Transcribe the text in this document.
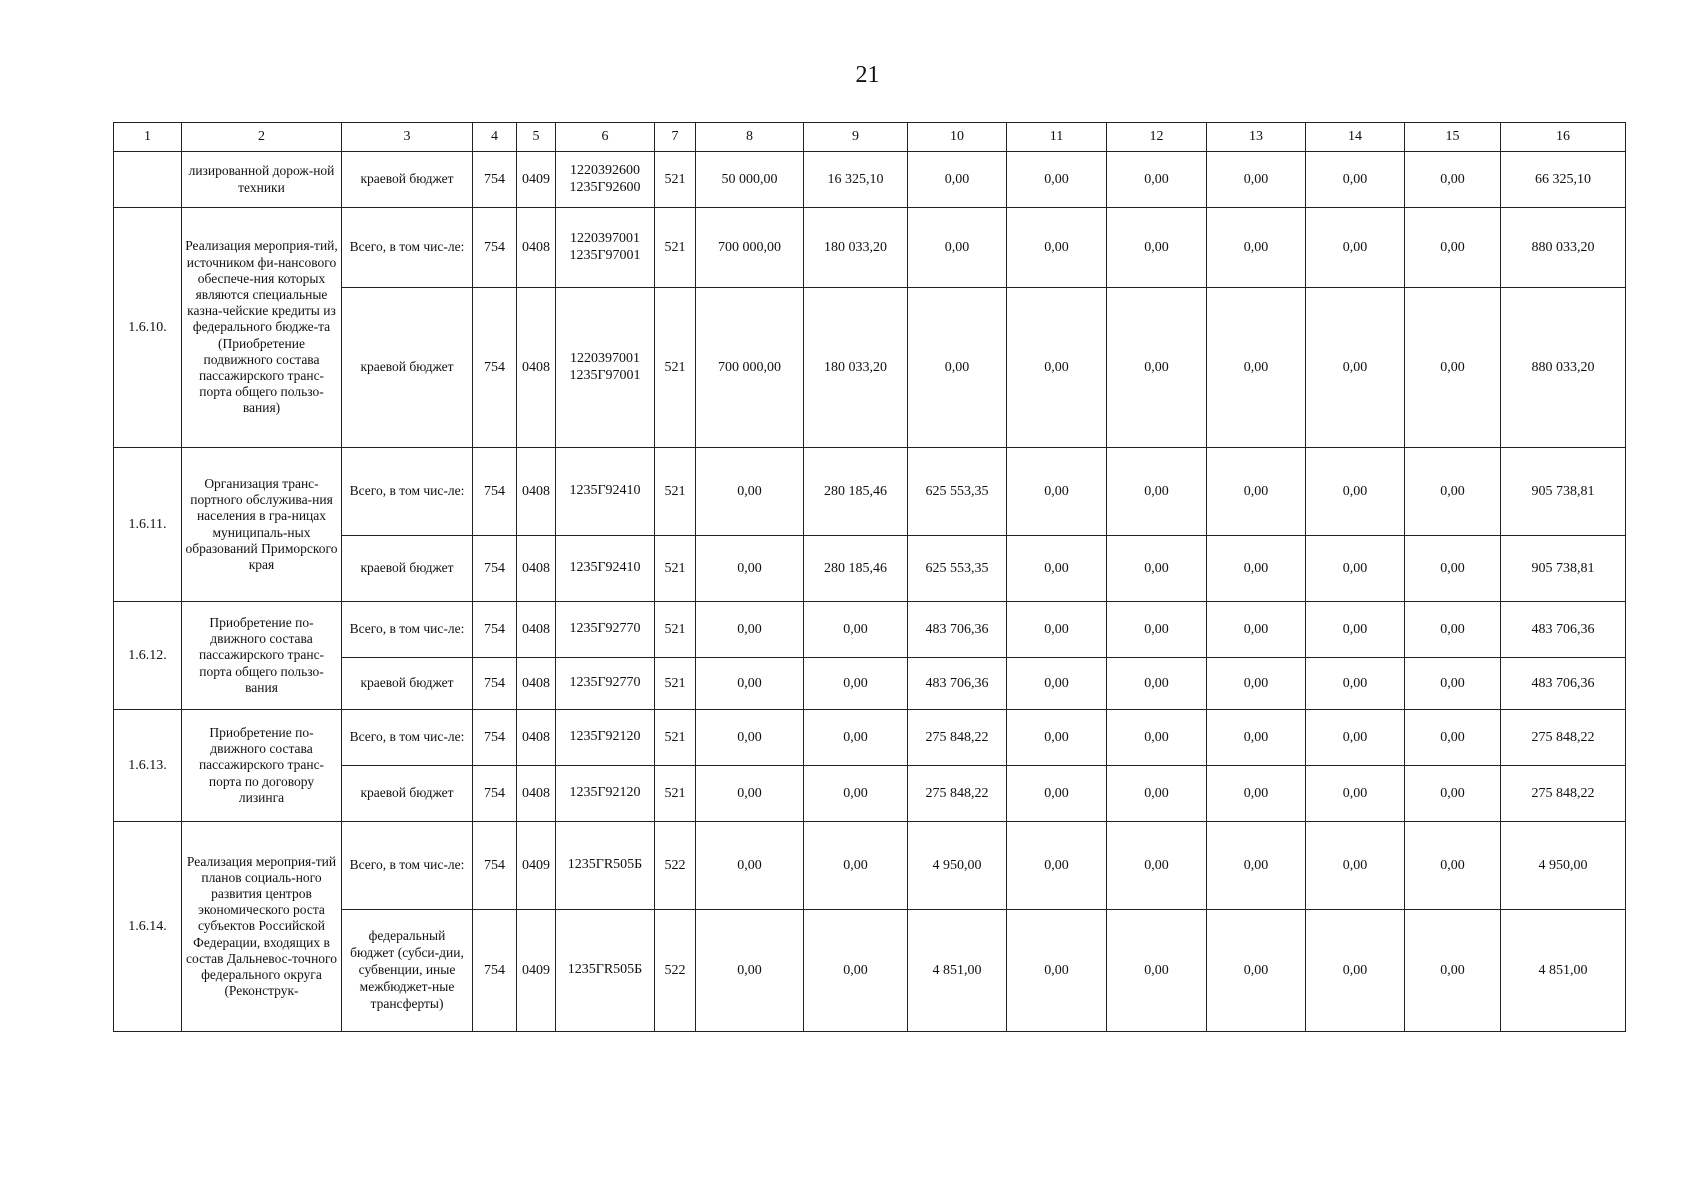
21
1	2	3	4	5	6	7	8	9	10	11	12	13	14	15	16
	лизированной дорож-ной техники	краевой бюджет	754	0409	1220392600
1235Г92600	521	50 000,00	16 325,10	0,00	0,00	0,00	0,00	0,00	0,00	66 325,10
1.6.10.	Реализация мероприя-тий, источником фи-нансового обеспече-ния которых являются специальные казна-чейские кредиты из федерального бюдже-та (Приобретение подвижного состава пассажирского транс-порта общего пользо-вания)	Всего, в том чис-ле:	754	0408	1220397001
1235Г97001	521	700 000,00	180 033,20	0,00	0,00	0,00	0,00	0,00	0,00	880 033,20
		краевой бюджет	754	0408	1220397001
1235Г97001	521	700 000,00	180 033,20	0,00	0,00	0,00	0,00	0,00	0,00	880 033,20
1.6.11.	Организация транс-портного обслужива-ния населения в гра-ницах муниципаль-ных образований Приморского края	Всего, в том чис-ле:	754	0408	1235Г92410	521	0,00	280 185,46	625 553,35	0,00	0,00	0,00	0,00	0,00	905 738,81
		краевой бюджет	754	0408	1235Г92410	521	0,00	280 185,46	625 553,35	0,00	0,00	0,00	0,00	0,00	905 738,81
1.6.12.	Приобретение по-движного состава пассажирского транс-порта общего пользо-вания	Всего, в том чис-ле:	754	0408	1235Г92770	521	0,00	0,00	483 706,36	0,00	0,00	0,00	0,00	0,00	483 706,36
		краевой бюджет	754	0408	1235Г92770	521	0,00	0,00	483 706,36	0,00	0,00	0,00	0,00	0,00	483 706,36
1.6.13.	Приобретение по-движного состава пассажирского транс-порта по договору лизинга	Всего, в том чис-ле:	754	0408	1235Г92120	521	0,00	0,00	275 848,22	0,00	0,00	0,00	0,00	0,00	275 848,22
		краевой бюджет	754	0408	1235Г92120	521	0,00	0,00	275 848,22	0,00	0,00	0,00	0,00	0,00	275 848,22
1.6.14.	Реализация мероприя-тий планов социаль-ного развития центров экономического роста субъектов Российской Федерации, входящих в состав Дальневос-точного федерального округа (Реконструк-	Всего, в том чис-ле:	754	0409	1235ГR505Б	522	0,00	0,00	4 950,00	0,00	0,00	0,00	0,00	0,00	4 950,00
		федеральный бюджет (субси-дии, субвенции, иные межбюджет-ные трансферты)	754	0409	1235ГR505Б	522	0,00	0,00	4 851,00	0,00	0,00	0,00	0,00	0,00	4 851,00
